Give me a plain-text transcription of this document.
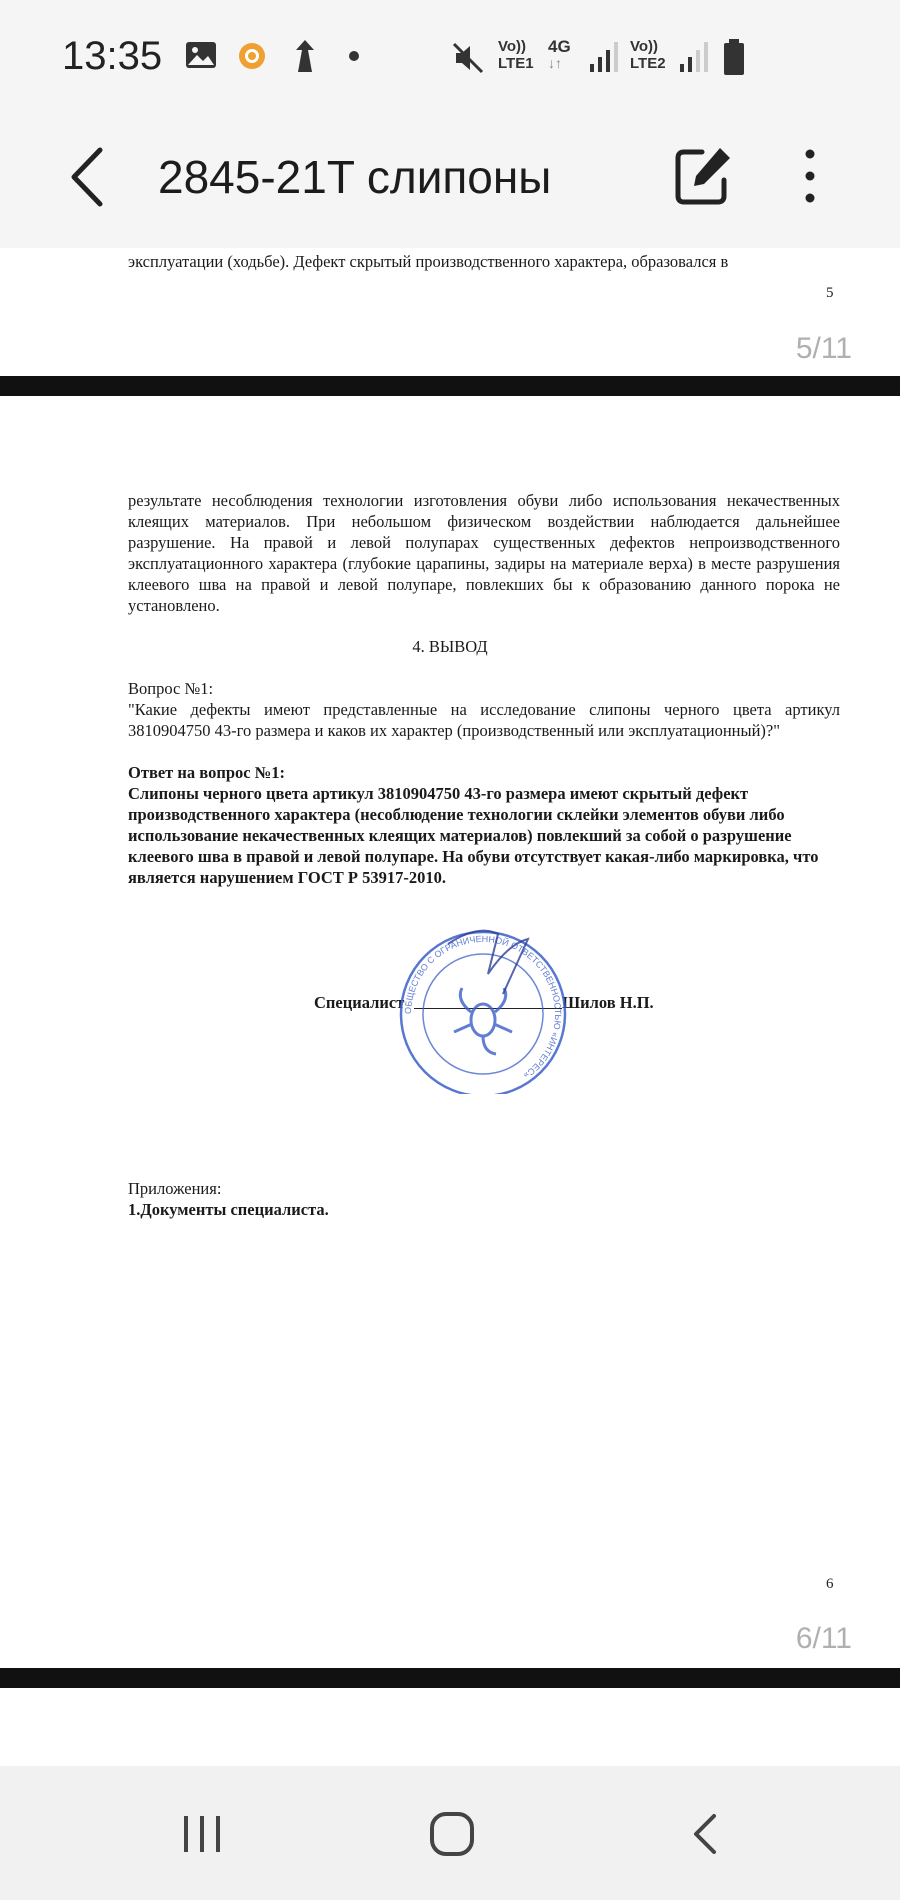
13:35	Vo))
LTE1
4G
↓↑
Vo))
LTE2
2845-21T слипоны
эксплуатации (ходьбе). Дефект скрытый производственного характера, образовался в
5
5/11
результате несоблюдения технологии изготовления обуви либо использования некачественных клеящих материалов. При небольшом физическом воздействии наблюдается дальнейшее разрушение. На правой и левой полупарах существенных дефектов непроизводственного эксплуатационного характера (глубокие царапины, задиры на материале верха) в месте разрушения клеевого шва на правой и левой полупаре, повлекших бы к образованию данного порока не установлено.
4. ВЫВОД
Вопрос №1:
"Какие дефекты имеют представленные на исследование слипоны черного цвета артикул 3810904750 43-го размера и каков их характер (производственный или эксплуатационный)?"
Ответ на вопрос №1:
Слипоны черного цвета артикул 3810904750 43-го размера имеют скрытый дефект производственного характера (несоблюдение технологии склейки элементов обуви либо использование некачественных клеящих материалов) повлекший за собой о разрушение клеевого шва в правой и левой полупаре. На обуви отсутствует какая-либо маркировка, что является нарушением ГОСТ Р 53917-2010.
Специалист	Шилов Н.П.
ОБЩЕСТВО С ОГРАНИЧЕННОЙ ОТВЕТСТВЕННОСТЬЮ «ИНТЕРЕС»
Приложения:
1.Документы специалиста.
6
6/11
